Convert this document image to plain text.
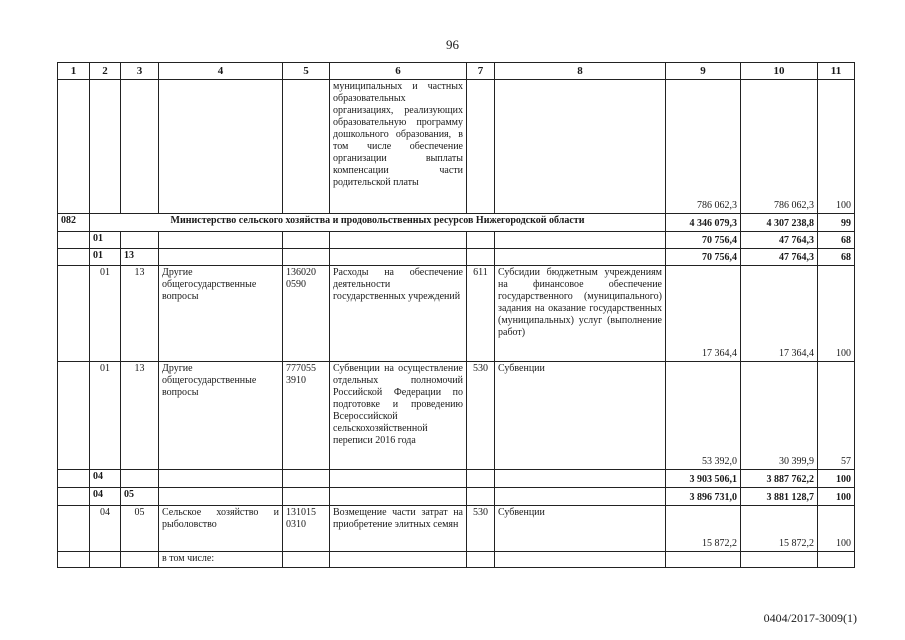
96
1	2	3	4	5	6	7	8	9	10	11
					муниципальных и частных образовательных организациях, реализующих образовательную программу дошкольного образования, в том числе обеспечение организации выплаты компенсации части родительской платы			786 062,3	786 062,3	100
082	Министерство сельского хозяйства и продовольственных ресурсов Нижегородской области							4 346 079,3	4 307 238,8	99
	01							70 756,4	47 764,3	68
	01	13						70 756,4	47 764,3	68
	01	13	Другие общегосударственные вопросы	136020 0590	Расходы на обеспечение деятельности государственных учреждений	611	Субсидии бюджетным учреждениям на финансовое обеспечение государственного (муниципального) задания на оказание государственных (муниципальных) услуг (выполнение работ)	17 364,4	17 364,4	100
	01	13	Другие общегосударственные вопросы	777055 3910	Субвенции на осуществление отдельных полномочий Российской Федерации по подготовке и проведению Всероссийской сельскохозяйственной переписи 2016 года	530	Субвенции	53 392,0	30 399,9	57
	04							3 903 506,1	3 887 762,2	100
	04	05						3 896 731,0	3 881 128,7	100
	04	05	Сельское хозяйство и рыболовство	131015 0310	Возмещение части затрат на приобретение элитных семян	530	Субвенции	15 872,2	15 872,2	100
			в том числе:							
0404/2017-3009(1)
